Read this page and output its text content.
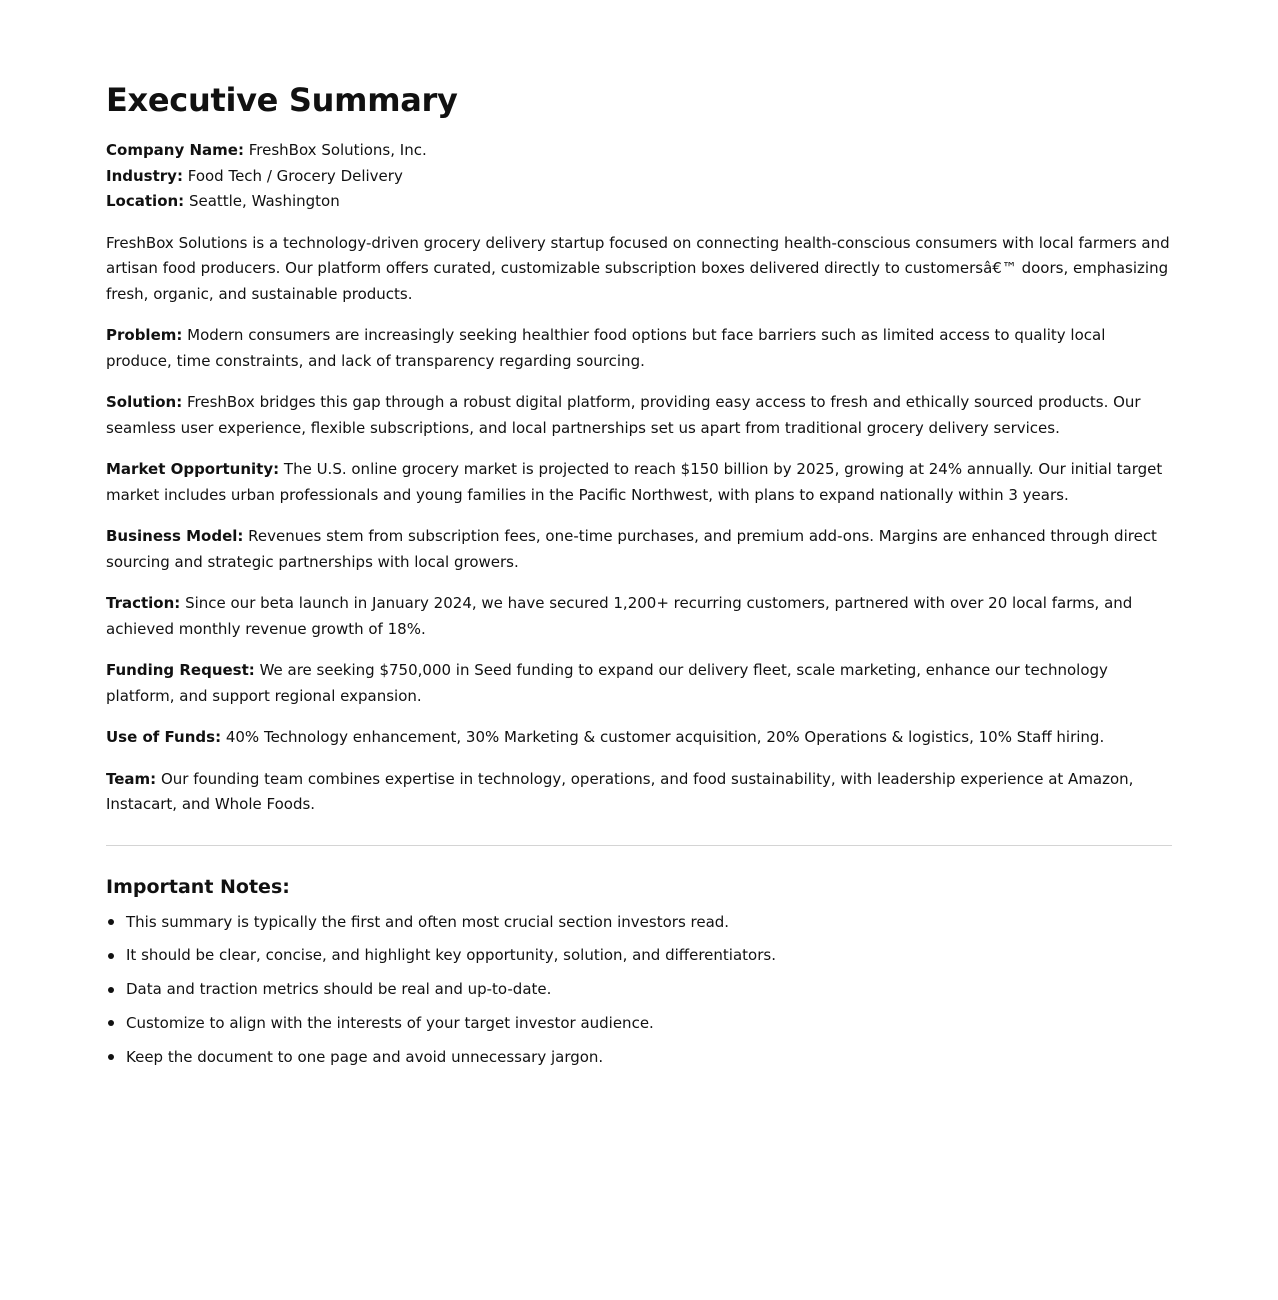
Executive Summary
Company Name: FreshBox Solutions, Inc.
Industry: Food Tech / Grocery Delivery
Location: Seattle, Washington

FreshBox Solutions is a technology-driven grocery delivery startup focused on connecting health-conscious consumers with local farmers and artisan food producers. Our platform offers curated, customizable subscription boxes delivered directly to customersâ€™ doors, emphasizing fresh, organic, and sustainable products.

Problem: Modern consumers are increasingly seeking healthier food options but face barriers such as limited access to quality local produce, time constraints, and lack of transparency regarding sourcing.

Solution: FreshBox bridges this gap through a robust digital platform, providing easy access to fresh and ethically sourced products. Our seamless user experience, flexible subscriptions, and local partnerships set us apart from traditional grocery delivery services.

Market Opportunity: The U.S. online grocery market is projected to reach $150 billion by 2025, growing at 24% annually. Our initial target market includes urban professionals and young families in the Pacific Northwest, with plans to expand nationally within 3 years.

Business Model: Revenues stem from subscription fees, one-time purchases, and premium add-ons. Margins are enhanced through direct sourcing and strategic partnerships with local growers.

Traction: Since our beta launch in January 2024, we have secured 1,200+ recurring customers, partnered with over 20 local farms, and achieved monthly revenue growth of 18%.

Funding Request: We are seeking $750,000 in Seed funding to expand our delivery fleet, scale marketing, enhance our technology platform, and support regional expansion.

Use of Funds: 40% Technology enhancement, 30% Marketing & customer acquisition, 20% Operations & logistics, 10% Staff hiring.

Team: Our founding team combines expertise in technology, operations, and food sustainability, with leadership experience at Amazon, Instacart, and Whole Foods.

Important Notes:
This summary is typically the first and often most crucial section investors read.
It should be clear, concise, and highlight key opportunity, solution, and differentiators.
Data and traction metrics should be real and up-to-date.
Customize to align with the interests of your target investor audience.
Keep the document to one page and avoid unnecessary jargon.
